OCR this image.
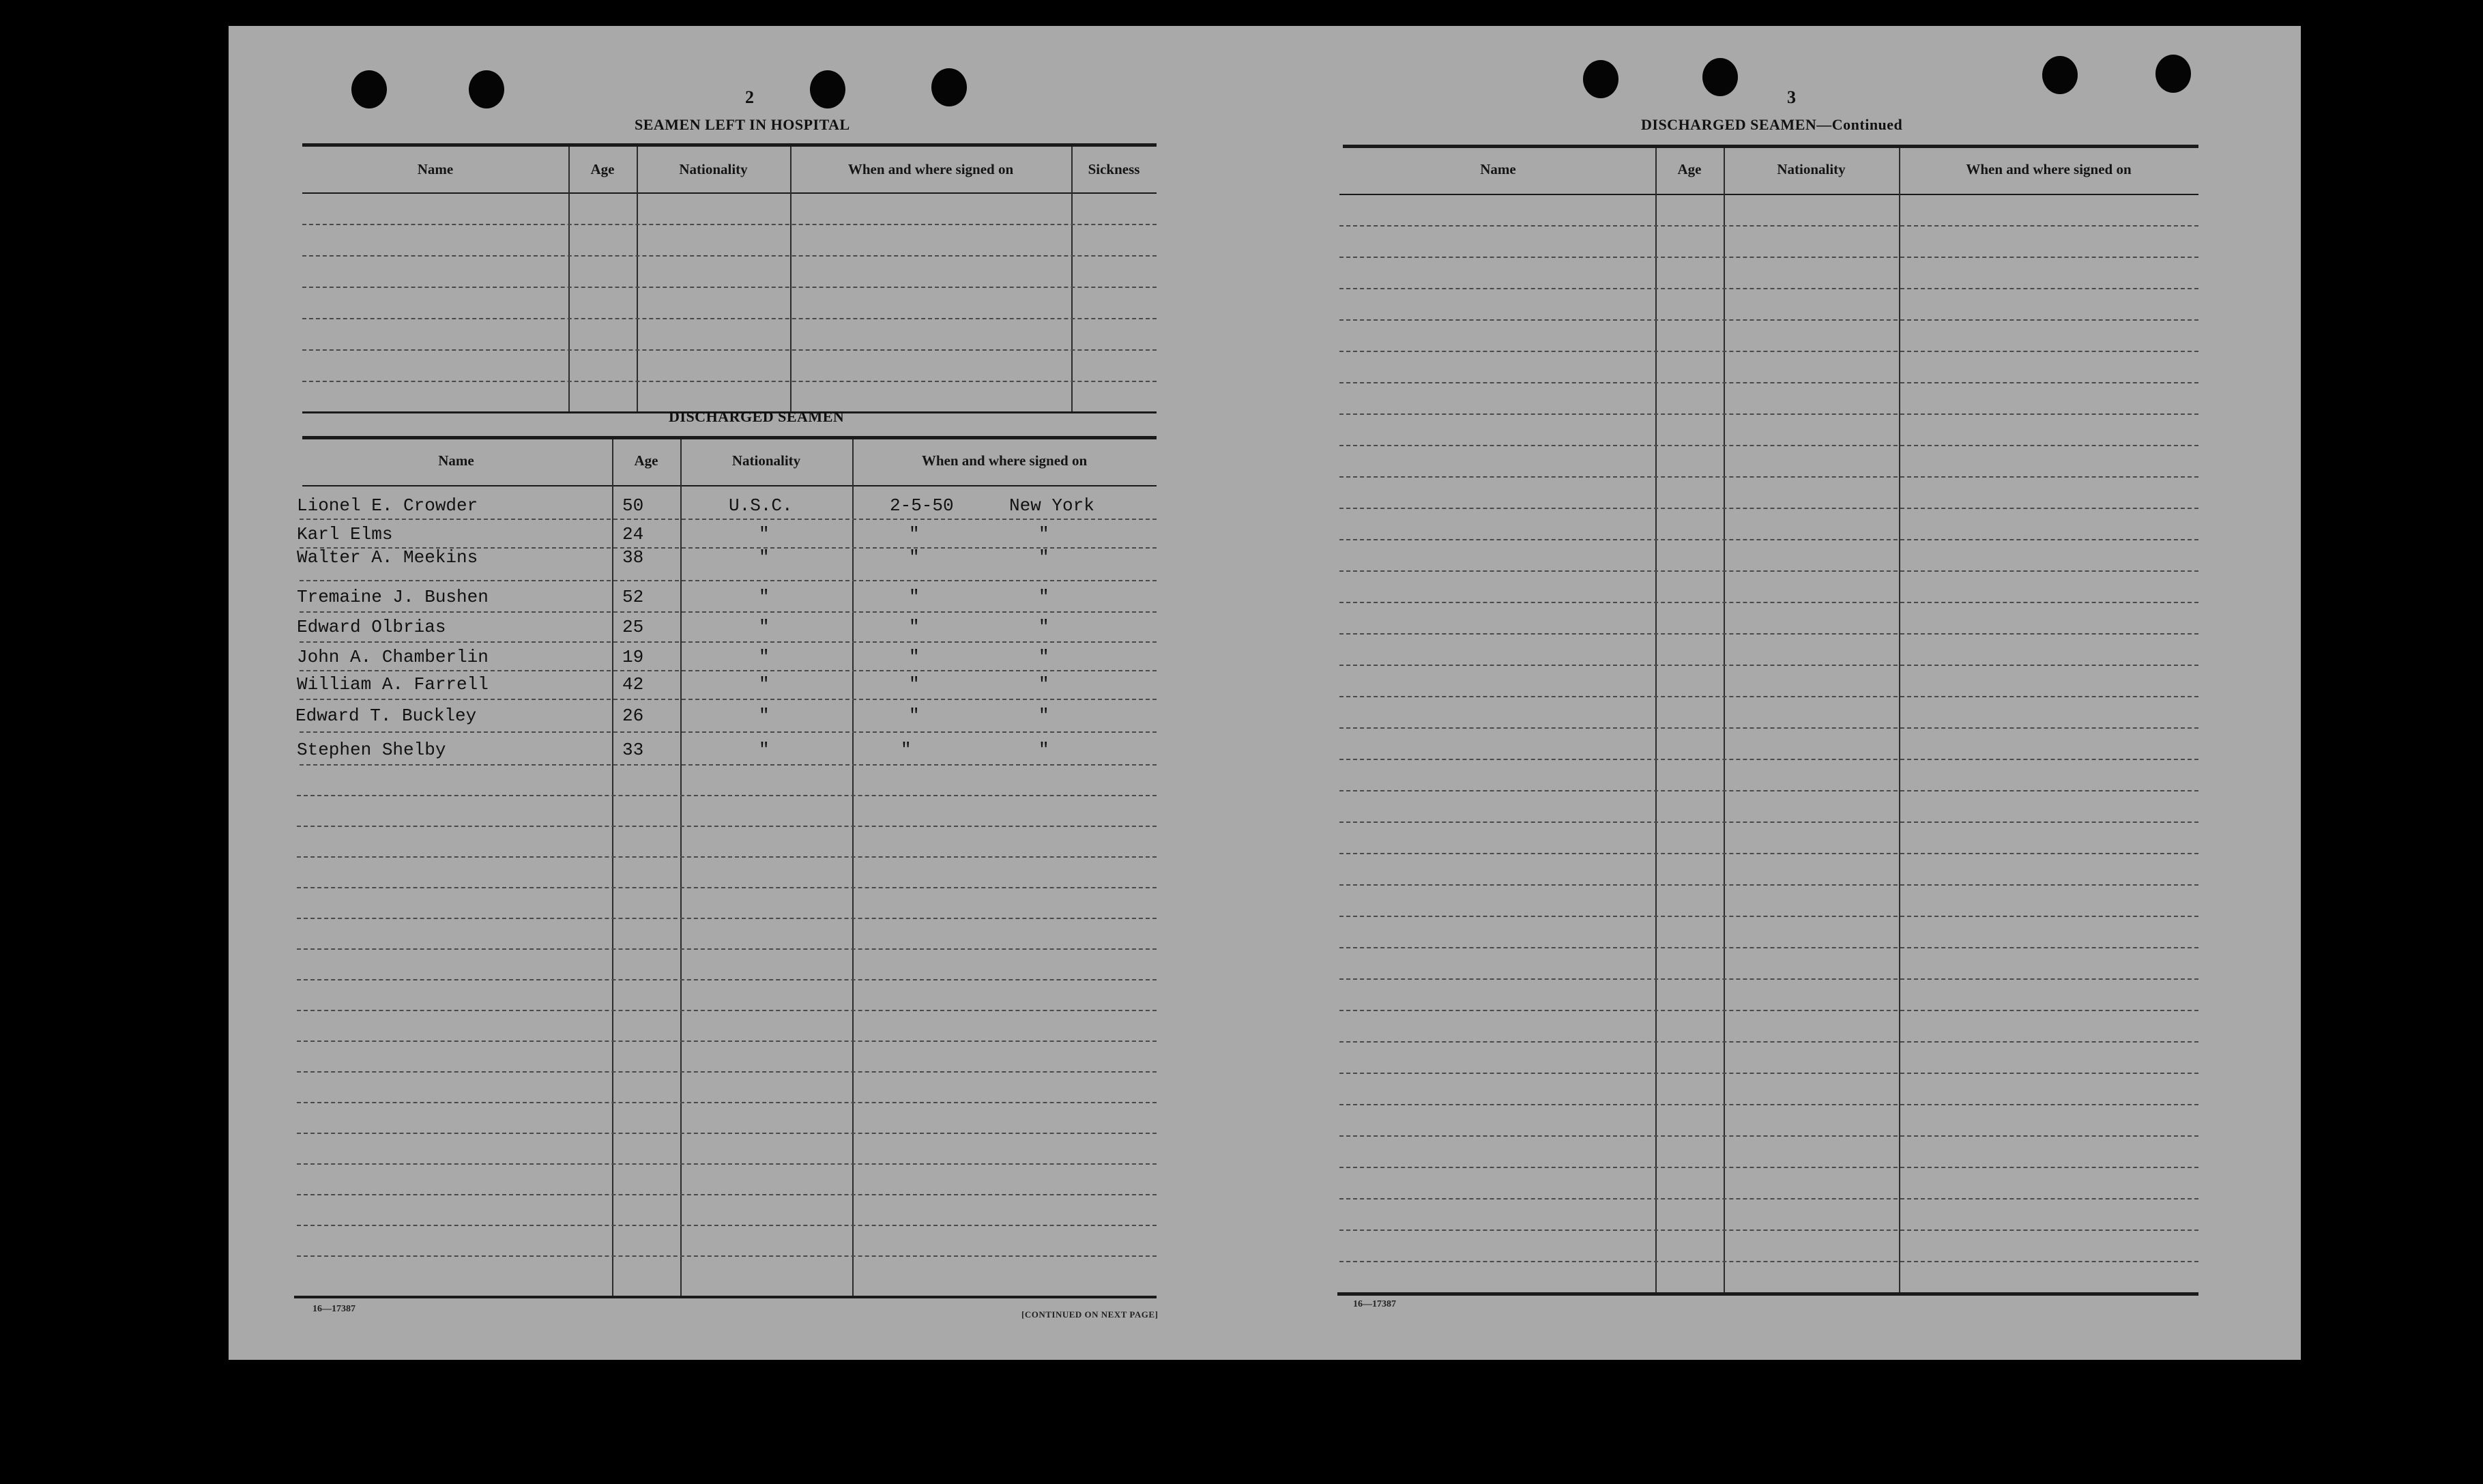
2
SEAMEN LEFT IN HOSPITAL
Name	Age	Nationality	When and where signed on	Sickness
DISCHARGED SEAMEN
Name	Age	Nationality	When and where signed on
Lionel E. Crowder	50	U.S.C.	2-5-50	New York
Karl Elms	24	"	"	"
Walter A. Meekins	38	"	"	"
Tremaine J. Bushen	52	"	"	"
Edward Olbrias	25	"	"	"
John A. Chamberlin	19	"	"	"
William A. Farrell	42	"	"	"
Edward T. Buckley	26	"	"	"
Stephen Shelby	33	"	"	"
16—17387
[CONTINUED ON NEXT PAGE]
3
DISCHARGED SEAMEN—Continued
Name	Age	Nationality	When and where signed on
16—17387
